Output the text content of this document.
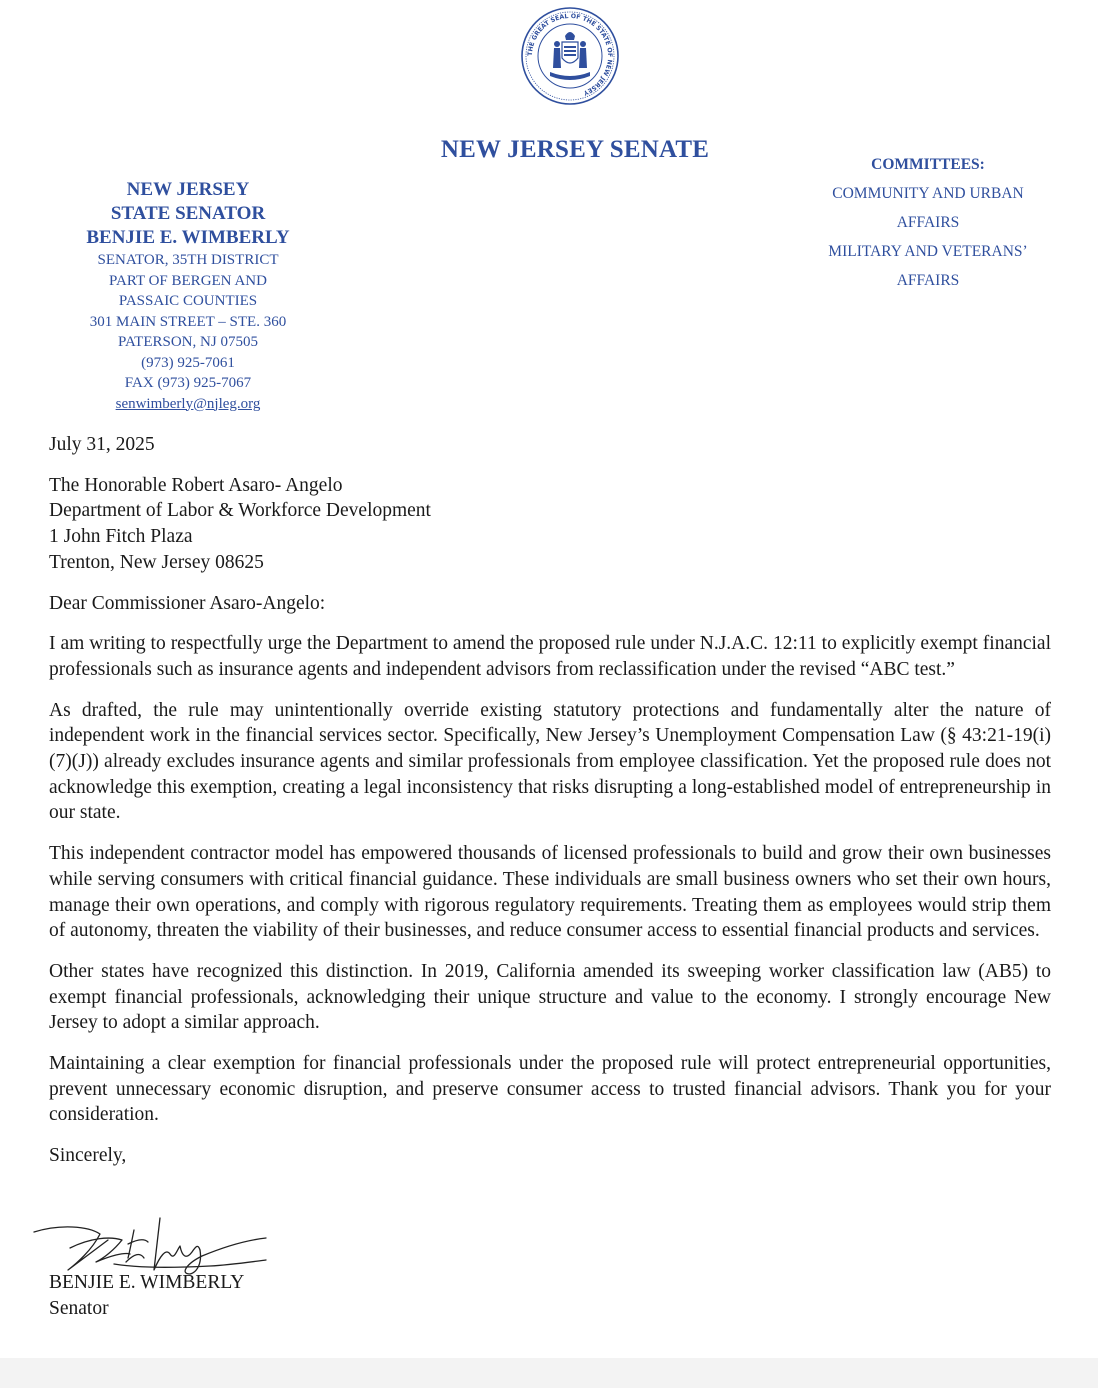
THE GREAT SEAL OF THE STATE OF NEW JERSEY
NEW JERSEY SENATE
NEW JERSEY
STATE SENATOR
BENJIE E. WIMBERLY
SENATOR, 35TH DISTRICT
PART OF BERGEN AND
PASSAIC COUNTIES
301 MAIN STREET – STE. 360
PATERSON, NJ 07505
(973) 925-7061
FAX (973) 925-7067
senwimberly@njleg.org
COMMITTEES:
COMMUNITY AND URBAN
AFFAIRS
MILITARY AND VETERANS’
AFFAIRS

July 31, 2025

The Honorable Robert Asaro- Angelo

Department of Labor & Workforce Development

1 John Fitch Plaza

Trenton, New Jersey 08625

Dear Commissioner Asaro-Angelo:

I am writing to respectfully urge the Department to amend the proposed rule under N.J.A.C. 12:11 to explicitly exempt financial professionals such as insurance agents and independent advisors from reclassification under the revised “ABC test.”

As drafted, the rule may unintentionally override existing statutory protections and fundamentally alter the nature of independent work in the financial services sector. Specifically, New Jersey’s Unemployment Compensation Law (§ 43:21-19(i)(7)(J)) already excludes insurance agents and similar professionals from employee classification. Yet the proposed rule does not acknowledge this exemption, creating a legal inconsistency that risks disrupting a long-established model of entrepreneurship in our state.

This independent contractor model has empowered thousands of licensed professionals to build and grow their own businesses while serving consumers with critical financial guidance. These individuals are small business owners who set their own hours, manage their own operations, and comply with rigorous regulatory requirements. Treating them as employees would strip them of autonomy, threaten the viability of their businesses, and reduce consumer access to essential financial products and services.

Other states have recognized this distinction. In 2019, California amended its sweeping worker classification law (AB5) to exempt financial professionals, acknowledging their unique structure and value to the economy. I strongly encourage New Jersey to adopt a similar approach.

Maintaining a clear exemption for financial professionals under the proposed rule will protect entrepreneurial opportunities, prevent unnecessary economic disruption, and preserve consumer access to trusted financial advisors. Thank you for your consideration.

Sincerely,

BENJIE E. WIMBERLY
Senator
